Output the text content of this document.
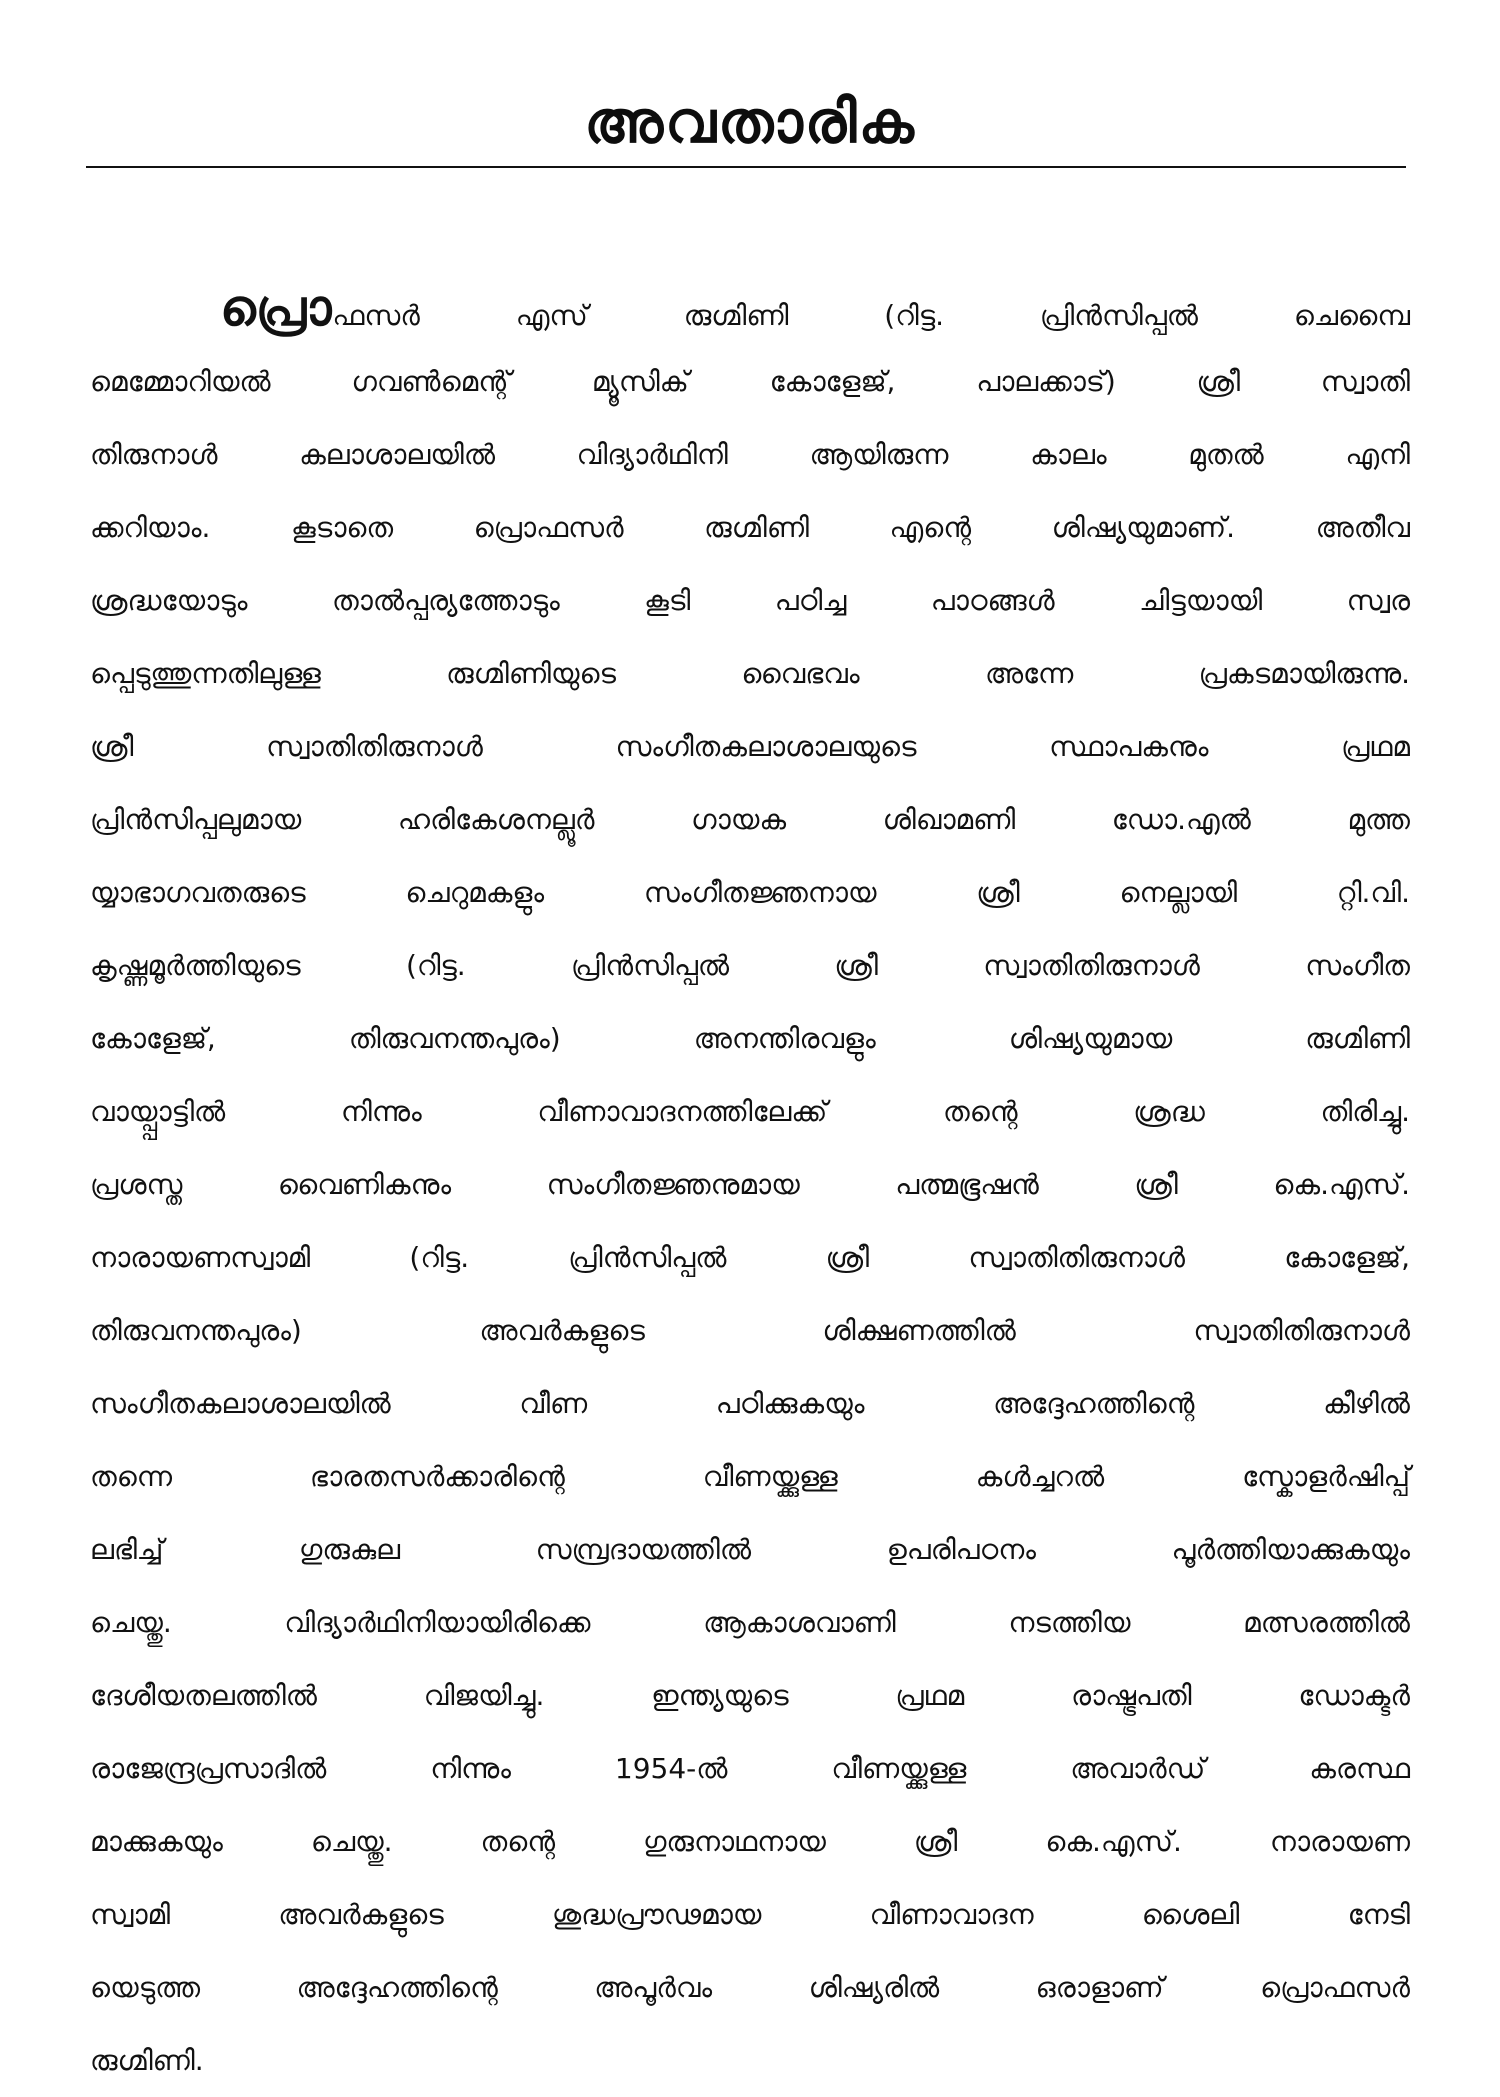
അവതാരിക
പ്രൊഫസർ എസ് രുഗ്മിണി (റിട്ട. പ്രിൻസിപ്പൽ ചെമ്പൈ
മെമ്മോറിയൽ ഗവൺമെന്റ് മ്യൂസിക് കോളേജ്, പാലക്കാട്) ശ്രീ സ്വാതി
തിരുനാൾ കലാശാലയിൽ വിദ്യാർഥിനി ആയിരുന്ന കാലം മുതൽ എനി
ക്കറിയാം. കൂടാതെ പ്രൊഫസർ രുഗ്മിണി എന്റെ ശിഷ്യയുമാണ്. അതീവ
ശ്രദ്ധയോടും താൽപ്പര്യത്തോടും കൂടി പഠിച്ച പാഠങ്ങൾ ചിട്ടയായി സ്വര
പ്പെടുത്തുന്നതിലുള്ള രുഗ്മിണിയുടെ വൈഭവം അന്നേ പ്രകടമായിരുന്നു.
ശ്രീ സ്വാതിതിരുനാൾ സംഗീതകലാശാലയുടെ സ്ഥാപകനും പ്രഥമ
പ്രിൻസിപ്പലുമായ ഹരികേശനല്ലൂർ ഗായക ശിഖാമണി ഡോ.എൽ മുത്ത
യ്യാഭാഗവതരുടെ ചെറുമകളും സംഗീതജ്ഞനായ ശ്രീ നെല്ലായി റ്റി.വി.
കൃഷ്ണമൂർത്തിയുടെ (റിട്ട. പ്രിൻസിപ്പൽ ശ്രീ സ്വാതിതിരുനാൾ സംഗീത
കോളേജ്, തിരുവനന്തപുരം) അനന്തിരവളും ശിഷ്യയുമായ രുഗ്മിണി
വായ്പ്പാട്ടിൽ നിന്നും വീണാവാദനത്തിലേക്ക് തന്റെ ശ്രദ്ധ തിരിച്ചു.
പ്രശസ്ത വൈണികനും സംഗീതജ്ഞനുമായ പത്മഭൂഷൻ ശ്രീ കെ.എസ്.
നാരായണസ്വാമി (റിട്ട. പ്രിൻസിപ്പൽ ശ്രീ സ്വാതിതിരുനാൾ കോളേജ്,
തിരുവനന്തപുരം) അവർകളുടെ ശിക്ഷണത്തിൽ സ്വാതിതിരുനാൾ
സംഗീതകലാശാലയിൽ വീണ പഠിക്കുകയും അദ്ദേഹത്തിന്റെ കീഴിൽ
തന്നെ ഭാരതസർക്കാരിന്റെ വീണയ്ക്കുള്ള കൾച്ചറൽ സ്കോളർഷിപ്പ്
ലഭിച്ച് ഗുരുകുല സമ്പ്രദായത്തിൽ ഉപരിപഠനം പൂർത്തിയാക്കുകയും
ചെയ്തു. വിദ്യാർഥിനിയായിരിക്കെ ആകാശവാണി നടത്തിയ മത്സരത്തിൽ
ദേശീയതലത്തിൽ വിജയിച്ചു. ഇന്ത്യയുടെ പ്രഥമ രാഷ്ട്രപതി ഡോക്ടർ
രാജേന്ദ്രപ്രസാദിൽ നിന്നും 1954-ൽ വീണയ്ക്കുള്ള അവാർഡ് കരസ്ഥ
മാക്കുകയും ചെയ്തു. തന്റെ ഗുരുനാഥനായ ശ്രീ കെ.എസ്. നാരായണ
സ്വാമി അവർകളുടെ ശുദ്ധപ്രൗഢമായ വീണാവാദന ശൈലി നേടി
യെടുത്ത അദ്ദേഹത്തിന്റെ അപൂർവം ശിഷ്യരിൽ ഒരാളാണ് പ്രൊഫസർ
രുഗ്മിണി.
